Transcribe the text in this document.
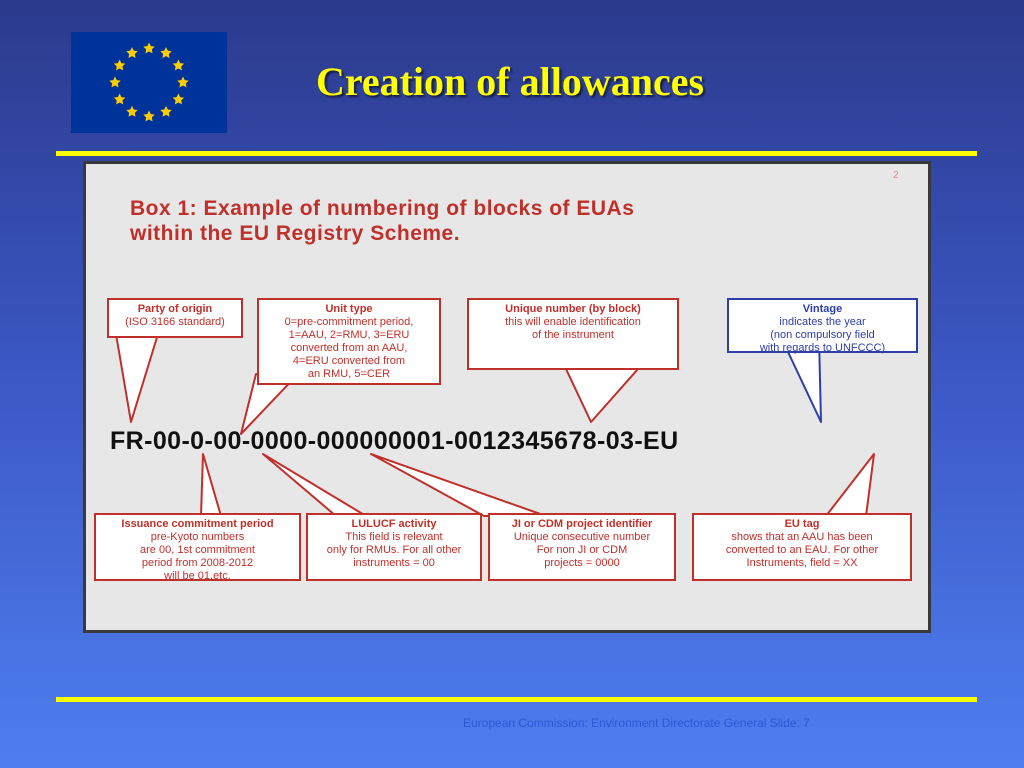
Creation of allowances
2
Box 1: Example of numbering of blocks of EUAs
within the EU Registry Scheme.
Party of origin
(ISO 3166 standard)
Unit type
0=pre-commitment period,
1=AAU, 2=RMU, 3=ERU
converted from an AAU,
4=ERU converted from
an RMU, 5=CER
Unique number (by block)
this will enable identification
of the instrument
Vintage
indicates the year
(non compulsory field
with regards to UNFCCC)
FR-00-0-00-0000-000000001-0012345678-03-EU
Issuance commitment period
pre-Kyoto numbers
are 00, 1st commitment
period from 2008-2012
will be 01,etc.
LULUCF activity
This field is relevant
only for RMUs. For all other
instruments = 00
JI or CDM project identifier
Unique consecutive number
For non JI or CDM
projects = 0000
EU tag
shows that an AAU has been
converted to an EAU. For other
Instruments, field = XX
European Commission: Environment Directorate General Slide: 7
